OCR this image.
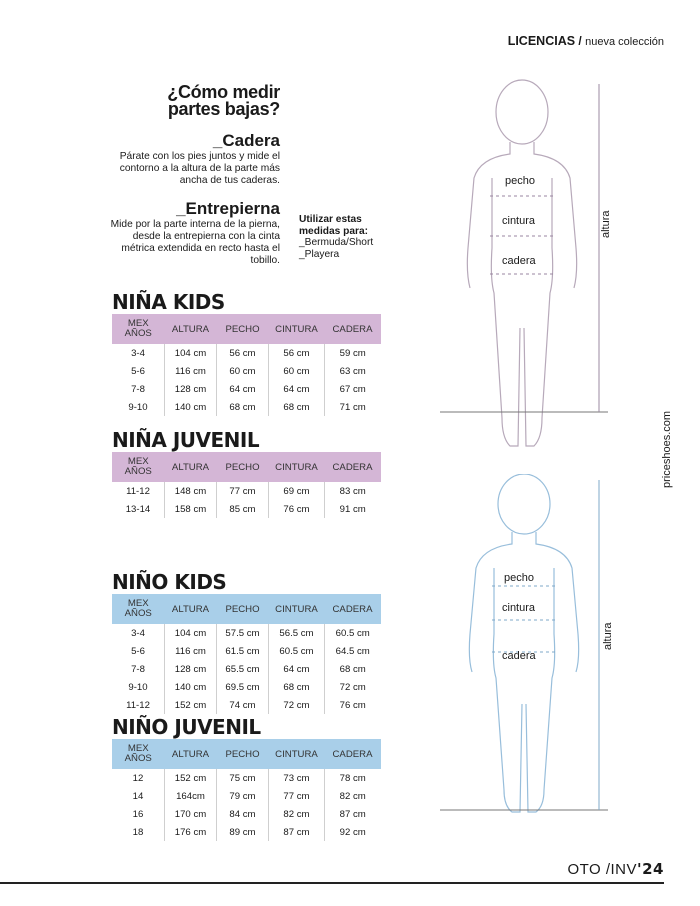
LICENCIAS / nueva colección
¿Cómo medir
partes bajas?
_Cadera

Párate con los pies juntos y mide el contorno a la altura de la parte más ancha de tus caderas.

_Entrepierna

Mide por la parte interna de la pierna, desde la entrepierna con la cinta métrica extendida en recto hasta el tobillo.

Utilizar estas
medidas para:
_Bermuda/Short
_Playera
NIÑA KIDS
MEX
AÑOS	ALTURA	PECHO	CINTURA	CADERA
3-4	104 cm	56 cm	56 cm	59 cm
5-6	116 cm	60 cm	60 cm	63 cm
7-8	128 cm	64 cm	64 cm	67 cm
9-10	140 cm	68 cm	68 cm	71 cm
NIÑA JUVENIL
MEX
AÑOS	ALTURA	PECHO	CINTURA	CADERA
11-12	148 cm	77 cm	69 cm	83 cm
13-14	158 cm	85 cm	76 cm	91 cm
NIÑO KIDS
MEX
AÑOS	ALTURA	PECHO	CINTURA	CADERA
3-4	104 cm	57.5 cm	56.5 cm	60.5 cm
5-6	116 cm	61.5 cm	60.5 cm	64.5 cm
7-8	128 cm	65.5 cm	64 cm	68 cm
9-10	140 cm	69.5 cm	68 cm	72 cm
11-12	152 cm	74 cm	72 cm	76 cm
NIÑO JUVENIL
MEX
AÑOS	ALTURA	PECHO	CINTURA	CADERA
12	152 cm	75 cm	73 cm	78 cm
14	164cm	79 cm	77 cm	82 cm
16	170 cm	84 cm	82 cm	87 cm
18	176 cm	89 cm	87 cm	92 cm
pecho
cintura
cadera
altura
pecho
cintura
cadera
altura
priceshoes.com
OTO /INV'24
